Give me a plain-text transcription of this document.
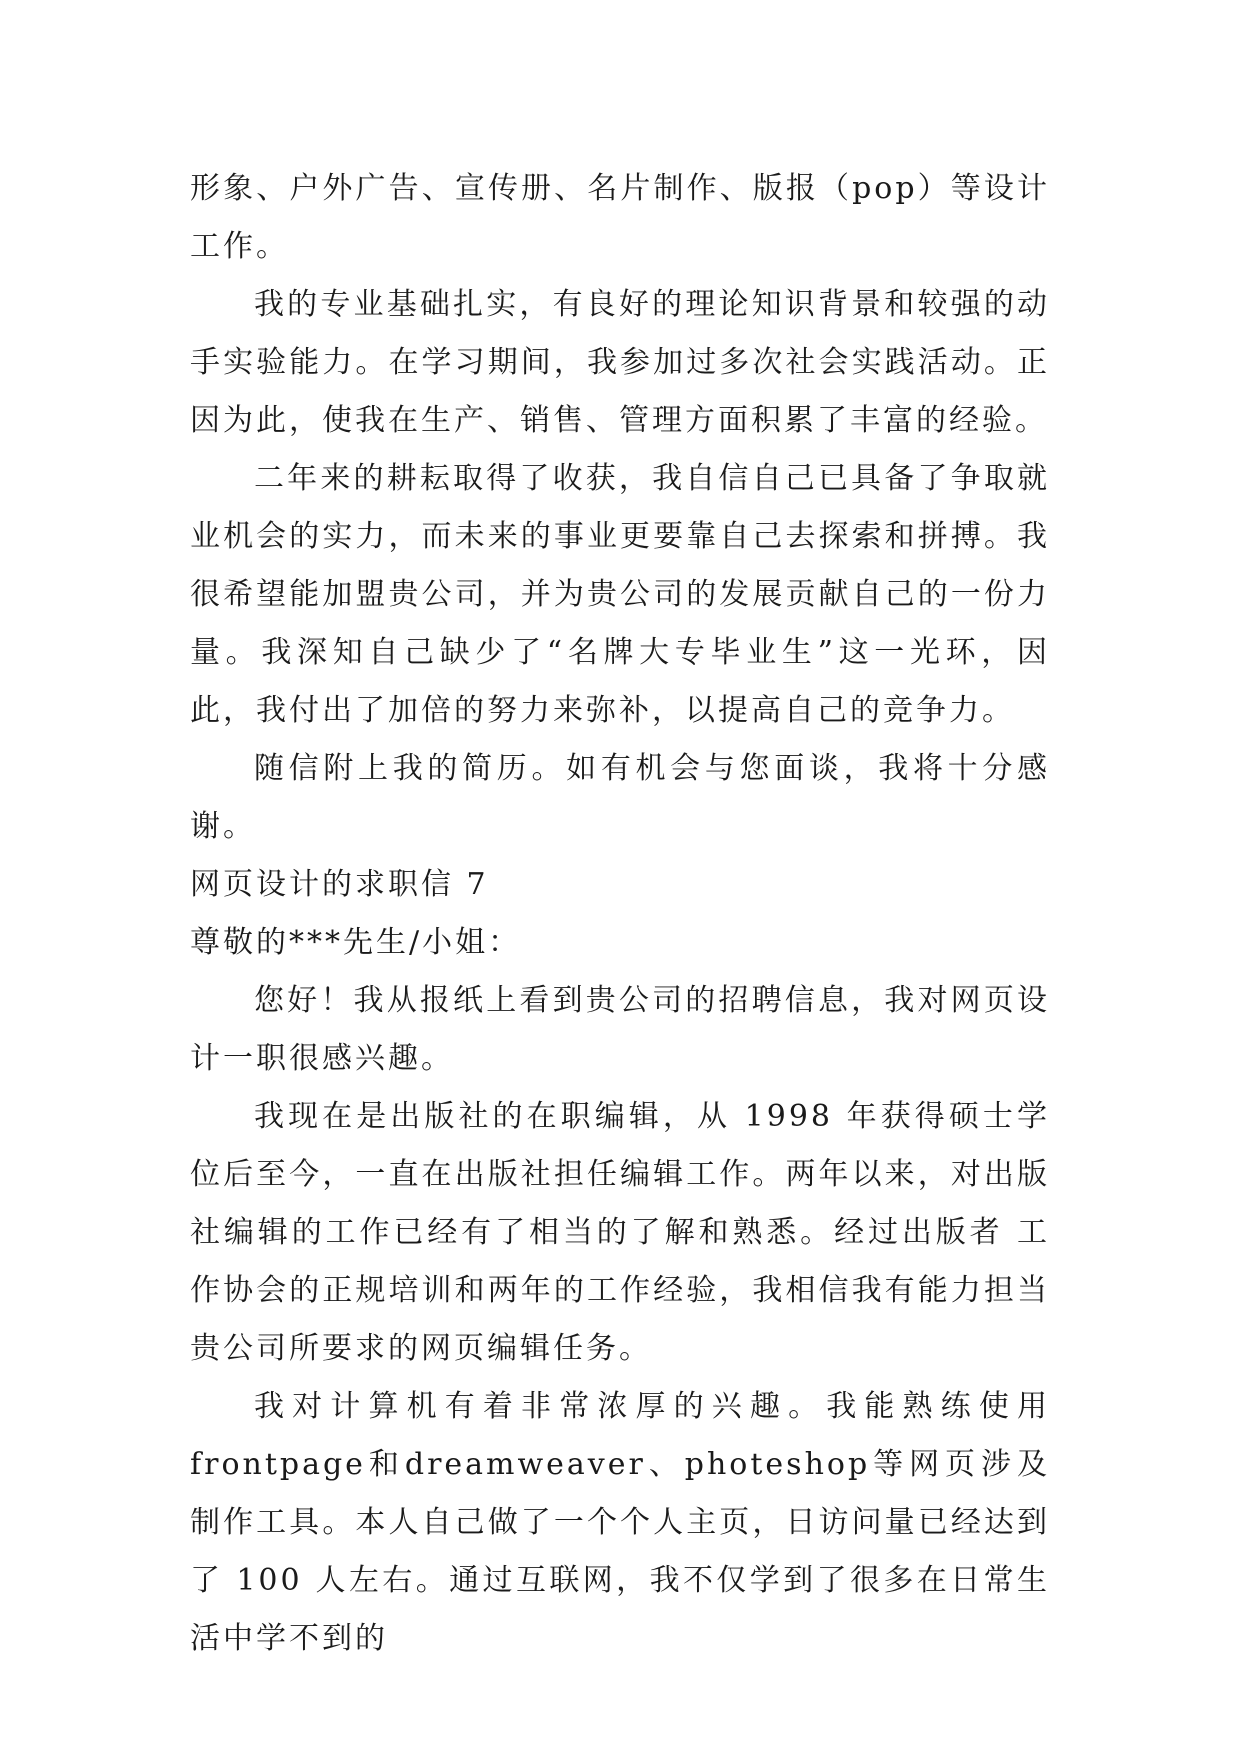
形象、户外广告、宣传册、名片制作、版报（pop）等设计工作。

我的专业基础扎实，有良好的理论知识背景和较强的动手实验能力。在学习期间，我参加过多次社会实践活动。正因为此，使我在生产、销售、管理方面积累了丰富的经验。

二年来的耕耘取得了收获，我自信自己已具备了争取就业机会的实力，而未来的事业更要靠自己去探索和拼搏。我很希望能加盟贵公司，并为贵公司的发展贡献自己的一份力量。我深知自己缺少了“名牌大专毕业生”这一光环，因此，我付出了加倍的努力来弥补，以提高自己的竞争力。

随信附上我的简历。如有机会与您面谈，我将十分感谢。

网页设计的求职信 7

尊敬的***先生/小姐：

您好！我从报纸上看到贵公司的招聘信息，我对网页设计一职很感兴趣。

我现在是出版社的在职编辑，从 1998 年获得硕士学位后至今，一直在出版社担任编辑工作。两年以来，对出版社编辑的工作已经有了相当的了解和熟悉。经过出版者 工作协会的正规培训和两年的工作经验，我相信我有能力担当贵公司所要求的网页编辑任务。

我对计算机有着非常浓厚的兴趣。我能熟练使用frontpage和dreamweaver、photeshop等网页涉及制作工具。本人自己做了一个个人主页，日访问量已经达到了 100 人左右。通过互联网，我不仅学到了很多在日常生活中学不到的
